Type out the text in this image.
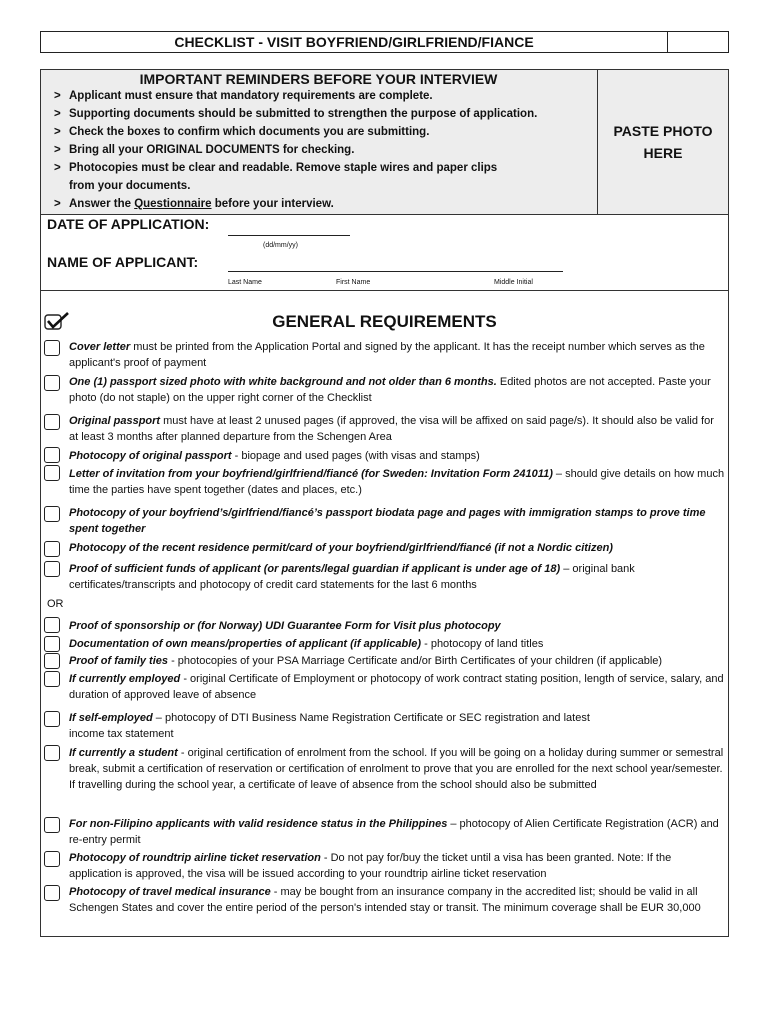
CHECKLIST - VISIT BOYFRIEND/GIRLFRIEND/FIANCE
IMPORTANT REMINDERS BEFORE YOUR INTERVIEW
> Applicant must ensure that mandatory requirements are complete.
> Supporting documents should be submitted to strengthen the purpose of application.
> Check the boxes to confirm which documents you are submitting.
> Bring all your ORIGINAL DOCUMENTS for checking.
> Photocopies must be clear and readable. Remove staple wires and paper clips
from your documents.
> Answer the Questionnaire before your interview.
PASTE PHOTO
HERE
DATE OF APPLICATION:
(dd/mm/yy)
NAME OF APPLICANT:
Last Name	First Name	Middle Initial
GENERAL REQUIREMENTS
Cover letter must be printed from the Application Portal and signed by the applicant. It has the receipt number which serves as the applicant's proof of payment
One (1) passport sized photo with white background and not older than 6 months. Edited photos are not accepted. Paste your photo (do not staple) on the upper right corner of the Checklist
Original passport must have at least 2 unused pages (if approved, the visa will be affixed on said page/s). It should also be valid for at least 3 months after planned departure from the Schengen Area
Photocopy of original passport - biopage and used pages (with visas and stamps)
Letter of invitation from your boyfriend/girlfriend/fiancé (for Sweden: Invitation Form 241011) – should give details on how much time the parties have spent together (dates and places, etc.)
Photocopy of your boyfriend’s/girlfriend/fiancé’s passport biodata page and pages with immigration stamps to prove time spent together
Photocopy of the recent residence permit/card of your boyfriend/girlfriend/fiancé (if not a Nordic citizen)
Proof of sufficient funds of applicant (or parents/legal guardian if applicant is under age of 18) – original bank certificates/transcripts and photocopy of credit card statements for the last 6 months
OR
Proof of sponsorship or (for Norway) UDI Guarantee Form for Visit plus photocopy
Documentation of own means/properties of applicant (if applicable) - photocopy of land titles
Proof of family ties - photocopies of your PSA Marriage Certificate and/or Birth Certificates of your children (if applicable)
If currently employed - original Certificate of Employment or photocopy of work contract stating position, length of service, salary, and duration of approved leave of absence
If self-employed – photocopy of DTI Business Name Registration Certificate or SEC registration and latest income tax statement
If currently a student - original certification of enrolment from the school. If you will be going on a holiday during summer or semestral break, submit a certification of reservation or certification of enrolment to prove that you are enrolled for the next school year/semester. If travelling during the school year, a certificate of leave of absence from the school should also be submitted
For non-Filipino applicants with valid residence status in the Philippines – photocopy of Alien Certificate Registration (ACR) and re-entry permit
Photocopy of roundtrip airline ticket reservation - Do not pay for/buy the ticket until a visa has been granted. Note: If the application is approved, the visa will be issued according to your roundtrip airline ticket reservation
Photocopy of travel medical insurance - may be bought from an insurance company in the accredited list; should be valid in all Schengen States and cover the entire period of the person's intended stay or transit. The minimum coverage shall be EUR 30,000
